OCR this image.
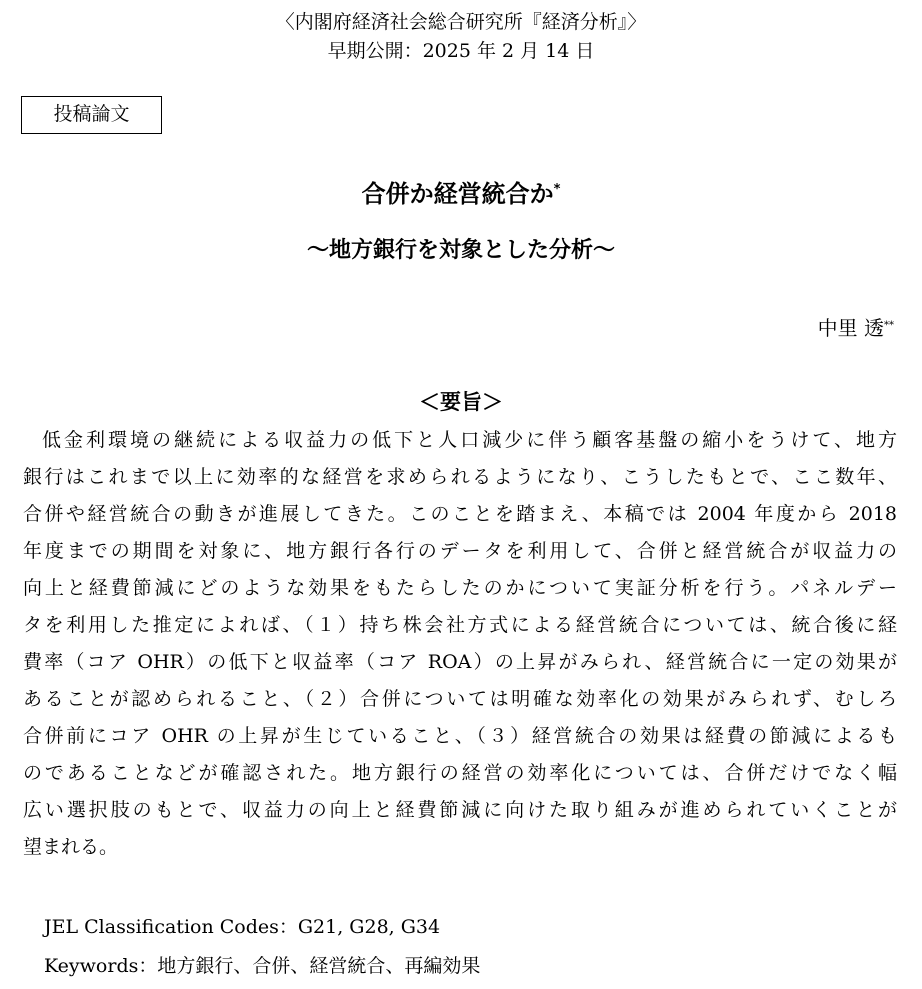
〈内閣府経済社会総合研究所『経済分析』〉
早期公開：2025 年 2 月 14 日
投稿論文
合併か経営統合か*
～地方銀行を対象とした分析～
中里 透**
＜要旨＞
低金利環境の継続による収益力の低下と人口減少に伴う顧客基盤の縮小をうけて、地方
銀行はこれまで以上に効率的な経営を求められるようになり、こうしたもとで、ここ数年、
合併や経営統合の動きが進展してきた。このことを踏まえ、本稿では 2004 年度から 2018
年度までの期間を対象に、地方銀行各行のデータを利用して、合併と経営統合が収益力の
向上と経費節減にどのような効果をもたらしたのかについて実証分析を行う。パネルデー
タを利用した推定によれば、（１）持ち株会社方式による経営統合については、統合後に経
費率（コア OHR）の低下と収益率（コア ROA）の上昇がみられ、経営統合に一定の効果が
あることが認められること、（２）合併については明確な効率化の効果がみられず、むしろ
合併前にコア OHR の上昇が生じていること、（３）経営統合の効果は経費の節減によるも
のであることなどが確認された。地方銀行の経営の効率化については、合併だけでなく幅
広い選択肢のもとで、収益力の向上と経費節減に向けた取り組みが進められていくことが
望まれる。
JEL Classification Codes：G21, G28, G34
Keywords：地方銀行、合併、経営統合、再編効果
